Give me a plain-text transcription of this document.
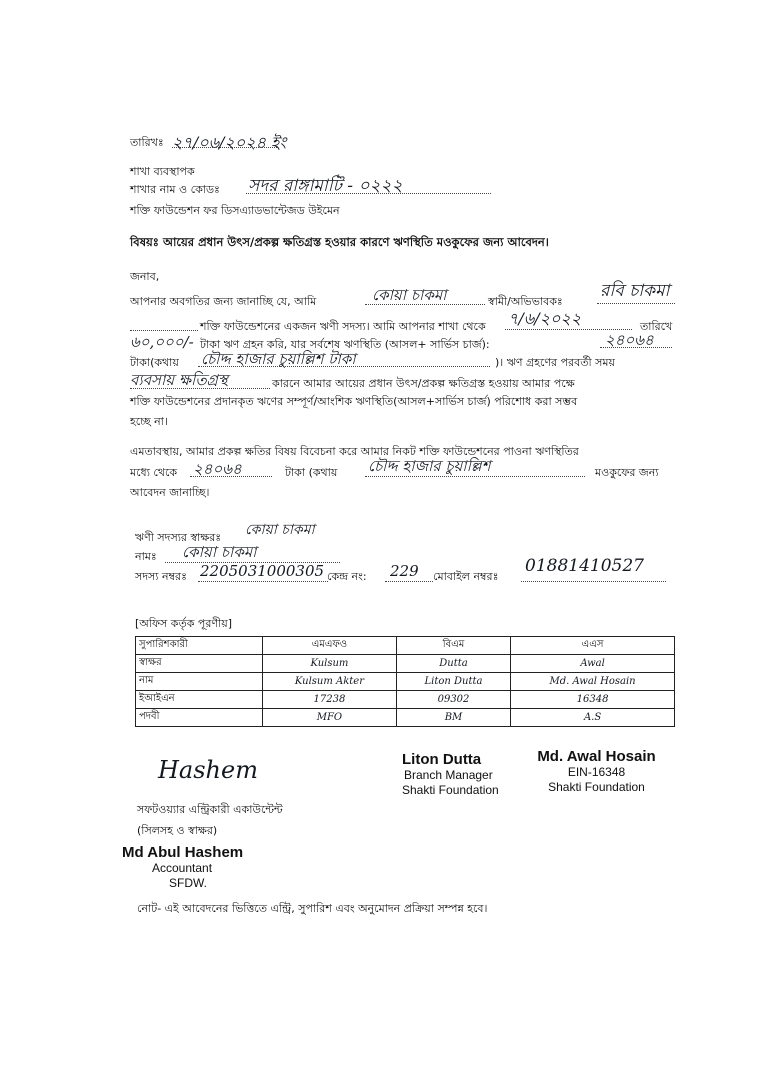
তারিখঃ ২৭/০৬/২০২৪ ইং
শাখা ব্যবস্থাপক
শাখার নাম ও কোডঃ সদর রাঙ্গামাটি - ০২২২
শক্তি ফাউন্ডেশন ফর ডিসএ্যাডভান্টেজড উইমেন
বিষয়ঃ আয়ের প্রধান উৎস/প্রকল্প ক্ষতিগ্রস্ত হওয়ার কারণে ঋণস্থিতি মওকুফের জন্য আবেদন।
জনাব,
আপনার অবগতির জন্য জানাচ্ছি যে, আমি	কোয়া চাকমা	স্বামী/অভিভাবকঃ
রবি চাকমা
শক্তি ফাউন্ডেশনের একজন ঋণী সদস্য। আমি আপনার শাখা থেকে ৭/৬/২০২২	তারিখে
৬০,০০০/- টাকা ঋণ গ্রহন করি, যার সর্বশেষ ঋণস্থিতি (আসল+ সার্ভিস চার্জ):	২৪০৬৪
টাকা(কথায় চৌদ্দ হাজার চুয়াল্লিশ টাকা	)। ঋণ গ্রহণের পরবর্তী সময়
ব্যবসায় ক্ষতিগ্রস্থ	কারনে আমার আয়ের প্রধান উৎস/প্রকল্প ক্ষতিগ্রস্ত হওয়ায় আমার পক্ষে
শক্তি ফাউন্ডেশনের প্রদানকৃত ঋণের সম্পূর্ণ/আংশিক ঋণস্থিতি(আসল+সার্ভিস চার্জ) পরিশোধ করা সম্ভব
হচ্ছে না।
এমতাবস্থায়, আমার প্রকল্প ক্ষতির বিষয় বিবেচনা করে আমার নিকট শক্তি ফাউন্ডেশনের পাওনা ঋণস্থিতির
মধ্যে থেকে ২৪০৬৪	টাকা (কথায় চৌদ্দ হাজার চুয়াল্লিশ	মওকুফের জন্য
আবেদন জানাচ্ছি।
ঋণী সদস্যর স্বাক্ষরঃ কোয়া চাকমা
নামঃ কোয়া চাকমা
সদস্য নম্বরঃ 2205031000305 কেন্দ্র নং: 229 মোবাইল নম্বরঃ
01881410527
[অফিস কর্তৃক পূরণীয়]
সুপারিশকারী	এমএফও	বিএম	এএস
স্বাক্ষর	Kulsum	Dutta	Awal
নাম	Kulsum Akter	Liton Dutta	Md. Awal Hosain
ইআইএন	17238	09302	16348
পদবী	MFO	BM	A.S
Liton Dutta
Branch Manager
Shakti Foundation
Md. Awal Hosain
EIN-16348
Shakti Foundation
Hashem
সফটওয়্যার এন্ট্রিকারী একাউন্টেন্ট
(সিলসহ ও স্বাক্ষর)
Md Abul Hashem
Accountant
SFDW.
নোট- এই আবেদনের ভিত্তিতে এন্ট্রি, সুপারিশ এবং অনুমোদন প্রক্রিয়া সম্পন্ন হবে।
